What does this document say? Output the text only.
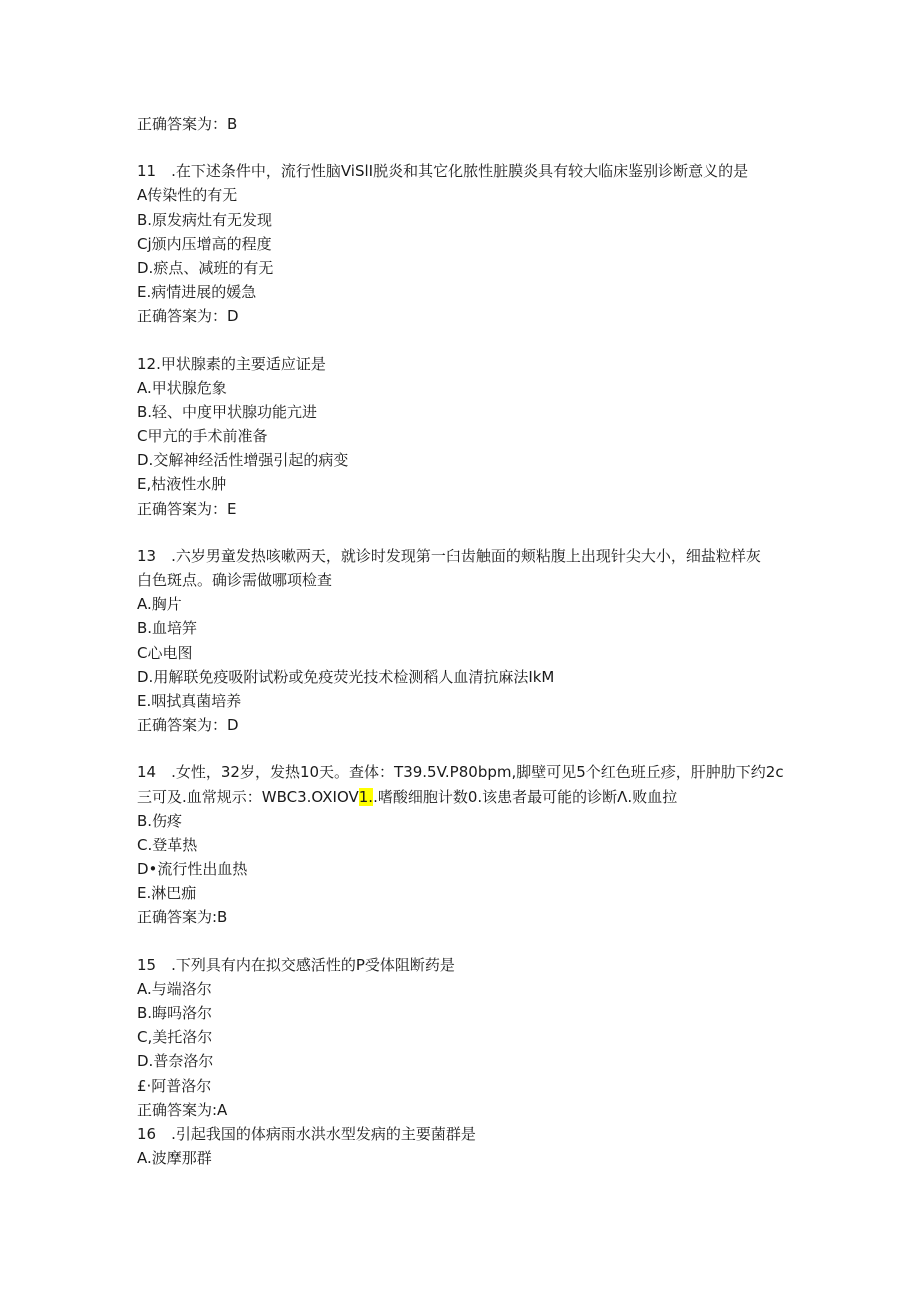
正确答案为：B
11　.在下述条件中，流行性脑ViSlI脱炎和其它化脓性脏膜炎具有较大临床鉴别诊断意义的是
A传染性的有无
B.原发病灶有无发现
Cj颁内压增高的程度
D.瘀点、减班的有无
E.病情进展的媛急
正确答案为：D
12.甲状腺素的主要适应证是
A.甲状腺危象
B.轻、中度甲状腺功能亢进
C甲亢的手术前准备
D.交解神经活性增强引起的病变
E,枯液性水肿
正确答案为：E
13　.六岁男童发热咳嗽两天，就诊时发现第一臼齿触面的颊粘腹上出现针尖大小，细盐粒样灰
白色斑点。确诊需做哪项检查
A.胸片
B.血培笄
C心电图
D.用解联免疫吸附试粉或免疫荧光技术检测稻人血清抗麻法IkM
E.咽拭真菌培养
正确答案为：D
14　.女性，32岁，发热10天。查体：T39.5V.P80bpm,脚壁可见5个红色班丘疹，肝肿肋下约2c
三可及.血常规示：WBC3.OXIOV1..嗜酸细胞计数0.该患者最可能的诊断Λ.败血拉
B.伤疼
C.登革热
D•流行性出血热
E.淋巴痂
正确答案为:B
15　.下列具有内在拟交感活性的P受体阻断药是
A.与端洛尔
B.晦吗洛尔
C,美托洛尔
D.普奈洛尔
£·阿普洛尔
正确答案为:A
16　.引起我国的体病雨水洪水型发病的主要菌群是
A.波摩那群
